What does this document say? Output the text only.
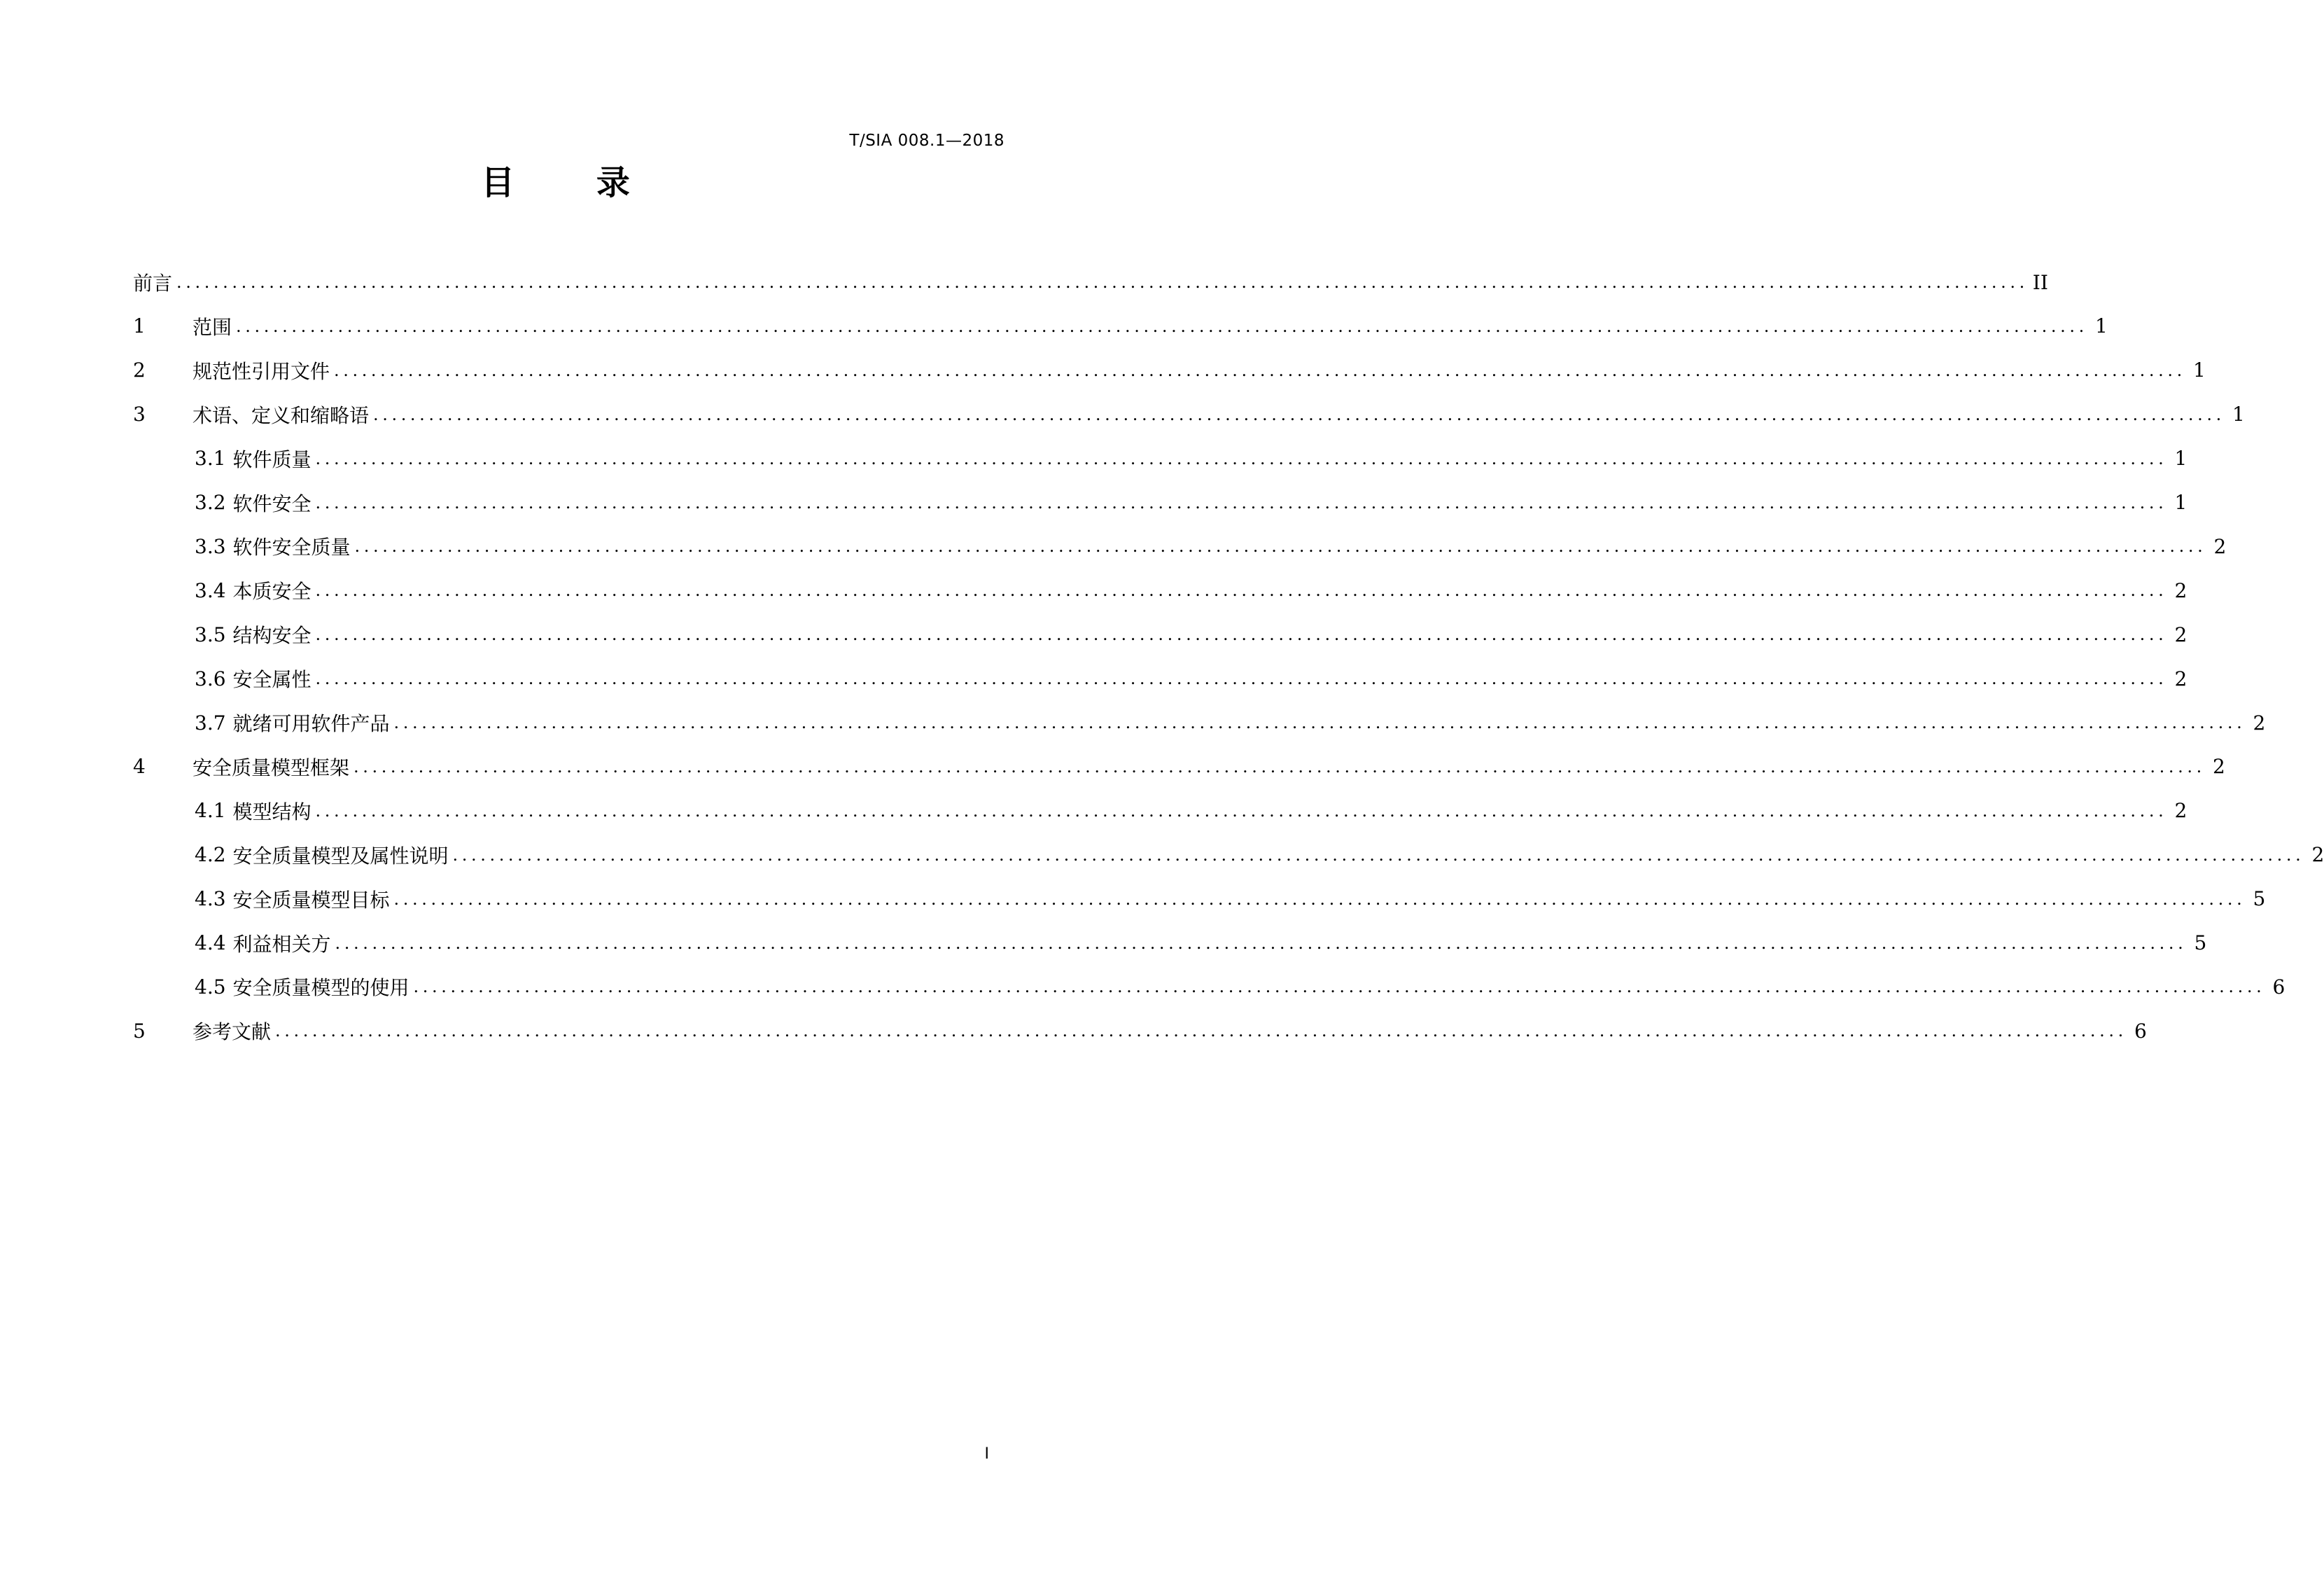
T/SIA 008.1—2018
目 录
前言 ........................................................................................................................................................................................................ II
1	范围 ........................................................................................................................................................................................................ 1
2	规范性引用文件 ........................................................................................................................................................................................................ 1
3	术语、定义和缩略语 ........................................................................................................................................................................................................ 1
3.1 软件质量 ........................................................................................................................................................................................................ 1
3.2 软件安全 ........................................................................................................................................................................................................ 1
3.3 软件安全质量 ........................................................................................................................................................................................................ 2
3.4 本质安全 ........................................................................................................................................................................................................ 2
3.5 结构安全 ........................................................................................................................................................................................................ 2
3.6 安全属性 ........................................................................................................................................................................................................ 2
3.7 就绪可用软件产品 ........................................................................................................................................................................................................ 2
4	安全质量模型框架 ........................................................................................................................................................................................................ 2
4.1 模型结构 ........................................................................................................................................................................................................ 2
4.2 安全质量模型及属性说明 ........................................................................................................................................................................................................ 2
4.3 安全质量模型目标 ........................................................................................................................................................................................................ 5
4.4 利益相关方 ........................................................................................................................................................................................................ 5
4.5 安全质量模型的使用 ........................................................................................................................................................................................................ 6
5	参考文献 ........................................................................................................................................................................................................ 6
I
